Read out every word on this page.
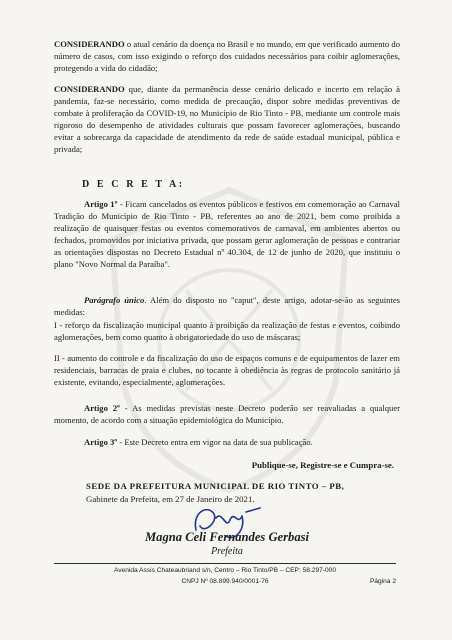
CONSIDERANDO o atual cenário da doença no Brasil e no mundo, em que verificado aumento do número de casos, com isso exigindo o reforço dos cuidados necessários para coibir aglomerações, protegendo a vida do cidadão;
CONSIDERANDO que, diante da permanência desse cenário delicado e incerto em relação à pandemia, faz-se necessário, como medida de precaução, dispor sobre medidas preventivas de combate à proliferação da COVID-19, no Município de Rio Tinto - PB, mediante um controle mais rigoroso do desempenho de atividades culturais que possam favorecer aglomerações, buscando evitar a sobrecarga da capacidade de atendimento da rede de saúde estadual municipal, pública e privada;
D E C R E T A:
Artigo 1º - Ficam cancelados os eventos públicos e festivos em comemoração ao Carnaval Tradição do Município de Rio Tinto - PB, referentes ao ano de 2021, bem como proibida a realização de quaisquer festas ou eventos comemorativos de carnaval, em ambientes abertos ou fechados, promovidos por iniciativa privada, que possam gerar aglomeração de pessoas e contrariar as orientações dispostas no Decreto Estadual nº 40.304, de 12 de junho de 2020, que instituiu o plano "Novo Normal da Paraíba".
Parágrafo único. Além do disposto no "caput", deste artigo, adotar-se-ão as seguintes medidas:
I - reforço da fiscalização municipal quanto à proibição da realização de festas e eventos, coibindo aglomerações, bem como quanto à obrigatoriedade do uso de máscaras;
II - aumento do controle e da fiscalização do uso de espaços comuns e de equipamentos de lazer em residenciais, barracas de praia e clubes, no tocante à obediência às regras de protocolo sanitário já existente, evitando, especialmente, aglomerações.
Artigo 2º - As medidas previstas neste Decreto poderão ser reavaliadas a qualquer momento, de acordo com a situação epidemiológica do Município.
Artigo 3º - Este Decreto entra em vigor na data de sua publicação.
Publique-se, Registre-se e Cumpra-se.
SEDE DA PREFEITURA MUNICIPAL DE RIO TINTO – PB,
Gabinete da Prefeita, em 27 de Janeiro de 2021.
Magna Celi Fernandes Gerbasi
Prefeita
Avenida Assis Chateaubriand s/n, Centro – Rio Tinto/PB – CEP: 58.297-000
CNPJ Nº 08.899.940/0001-76	Página 2
